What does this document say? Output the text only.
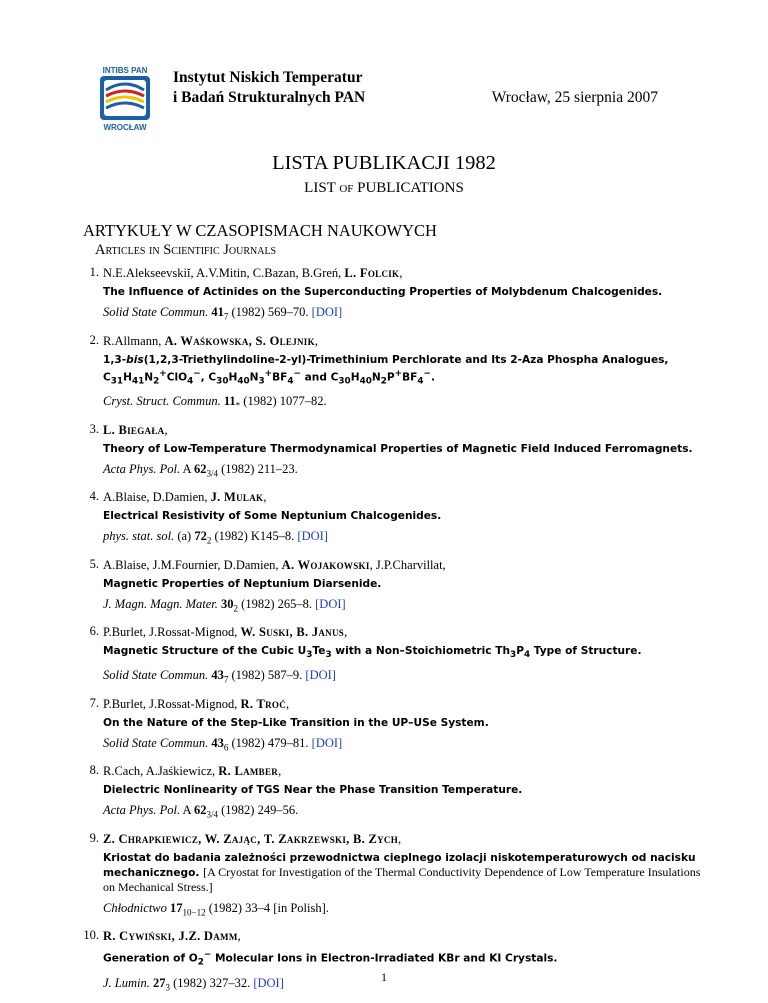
INTIBS PAN
WROCŁAW
Instytut Niskich Temperatur
i Badań Strukturalnych PAN	Wrocław, 25 sierpnia 2007
LISTA PUBLIKACJI 1982
LIST of PUBLICATIONS
ARTYKUŁY W CZASOPISMACH NAUKOWYCH
Articles in Scientific Journals
1. N.E.Alekseevskiĭ, A.V.Mitin, C.Bazan, B.Greń, L. Folcik,
The Influence of Actinides on the Superconducting Properties of Molybdenum Chalcogenides.
Solid State Commun. $41_7$ (1982) 569–70. [DOI]
2. R.Allmann, A. Waśkowska, S. Olejnik,
1,3-bis(1,2,3-Triethylindoline-2-yl)-Trimethinium Perchlorate and Its 2-Aza Phospha Analogues, $C_{31}H_{41}N_2^+ClO_4^-$, $C_{30}H_{40}N_3^+BF_4^-$ and $C_{30}H_{40}N_2P^+BF_4^-$.
Cryst. Struct. Commun. $11_*$ (1982) 1077–82.
3. L. Biegała,
Theory of Low-Temperature Thermodynamical Properties of Magnetic Field Induced Ferromagnets.
Acta Phys. Pol. A $62_{3/4}$ (1982) 211–23.
4. A.Blaise, D.Damien, J. Mulak,
Electrical Resistivity of Some Neptunium Chalcogenides.
phys. stat. sol. (a) $72_2$ (1982) K145–8. [DOI]
5. A.Blaise, J.M.Fournier, D.Damien, A. Wojakowski, J.P.Charvillat,
Magnetic Properties of Neptunium Diarsenide.
J. Magn. Magn. Mater. $30_2$ (1982) 265–8. [DOI]
6. P.Burlet, J.Rossat-Mignod, W. Suski, B. Janus,
Magnetic Structure of the Cubic $U_3Te_3$ with a Non–Stoichiometric $Th_3P_4$ Type of Structure.
Solid State Commun. $43_7$ (1982) 587–9. [DOI]
7. P.Burlet, J.Rossat-Mignod, R. Troć,
On the Nature of the Step-Like Transition in the UP–USe System.
Solid State Commun. $43_6$ (1982) 479–81. [DOI]
8. R.Cach, A.Jaśkiewicz, R. Lamber,
Dielectric Nonlinearity of TGS Near the Phase Transition Temperature.
Acta Phys. Pol. A $62_{3/4}$ (1982) 249–56.
9. Z. Chrapkiewicz, W. Zając, T. Zakrzewski, B. Zych,
Kriostat do badania zależności przewodnictwa cieplnego izolacji niskotemperaturowych od nacisku mechanicznego. [A Cryostat for Investigation of the Thermal Conductivity Dependence of Low Temperature Insulations on Mechanical Stress.]
Chłodnictwo $17_{10-12}$ (1982) 33–4 [in Polish].
10. R. Cywiński, J.Z. Damm,
Generation of $O_2^-$ Molecular Ions in Electron-Irradiated KBr and KI Crystals.
J. Lumin. $27_3$ (1982) 327–32. [DOI]	1
